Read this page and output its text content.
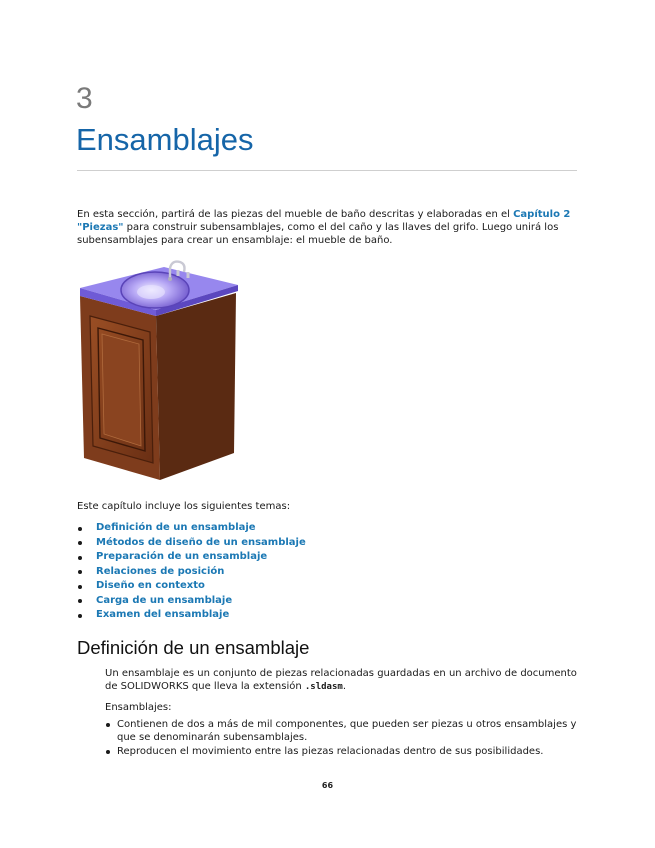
3
Ensamblajes

En esta sección, partirá de las piezas del mueble de baño descritas y elaboradas en el Capítulo 2 "Piezas" para construir subensamblajes, como el del caño y las llaves del grifo. Luego unirá los subensamblajes para crear un ensamblaje: el mueble de baño.

Este capítulo incluye los siguientes temas:

Definición de un ensamblaje
Métodos de diseño de un ensamblaje
Preparación de un ensamblaje
Relaciones de posición
Diseño en contexto
Carga de un ensamblaje
Examen del ensamblaje
Definición de un ensamblaje

Un ensamblaje es un conjunto de piezas relacionadas guardadas en un archivo de documento de SOLIDWORKS que lleva la extensión .sldasm.

Ensamblajes:

Contienen de dos a más de mil componentes, que pueden ser piezas u otros ensamblajes y que se denominarán subensamblajes.
Reproducen el movimiento entre las piezas relacionadas dentro de sus posibilidades.
66
